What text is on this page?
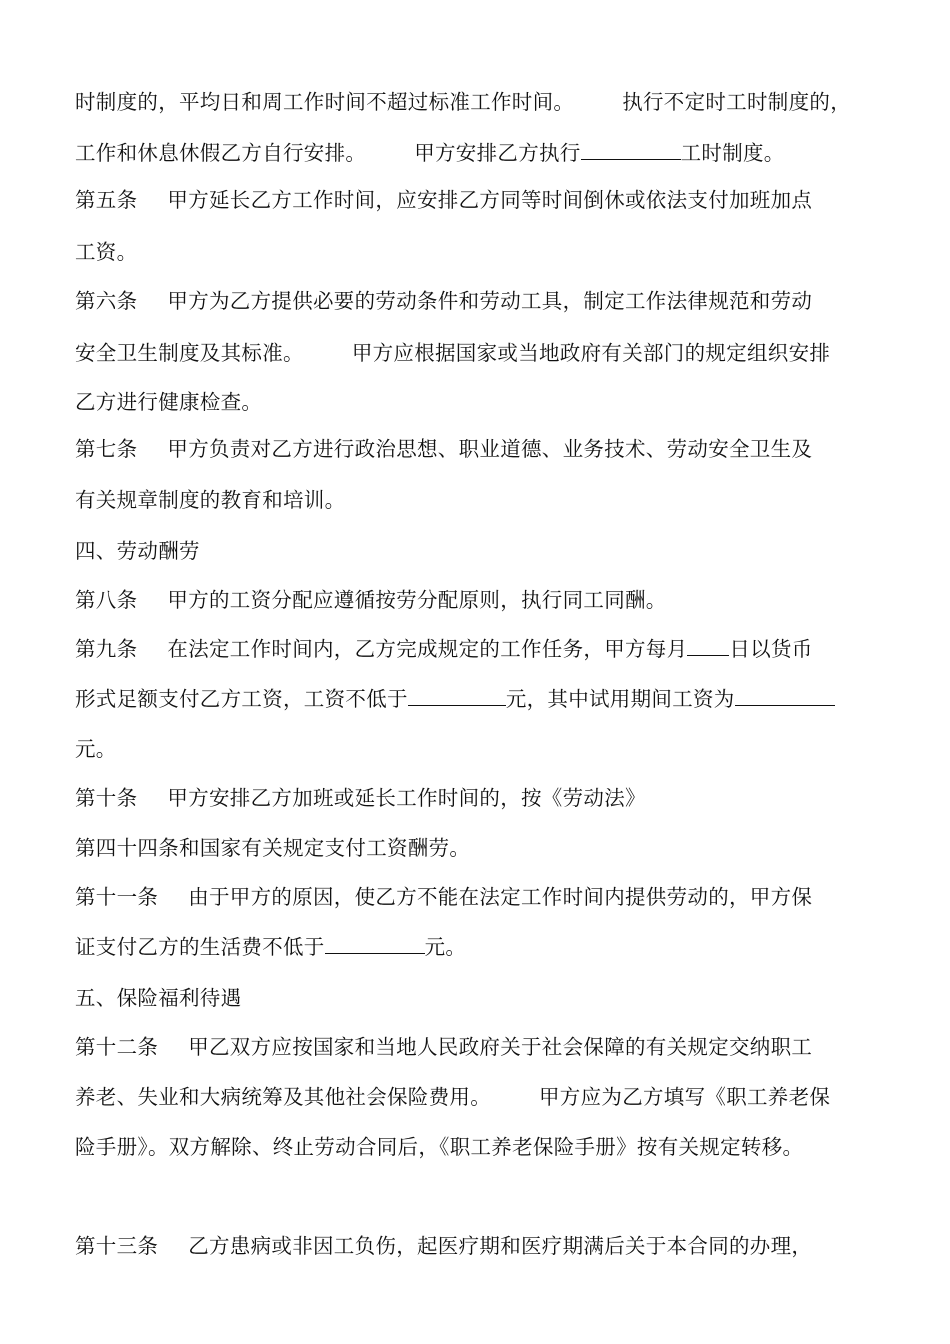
时制度的，平均日和周工作时间不超过标准工作时间。 执行不定时工时制度的，
工作和休息休假乙方自行安排。 甲方安排乙方执行	工时制度。
第五条 甲方延长乙方工作时间，应安排乙方同等时间倒休或依法支付加班加点
工资。
第六条 甲方为乙方提供必要的劳动条件和劳动工具，制定工作法律规范和劳动
安全卫生制度及其标准。 甲方应根据国家或当地政府有关部门的规定组织安排
乙方进行健康检查。
第七条 甲方负责对乙方进行政治思想、职业道德、业务技术、劳动安全卫生及
有关规章制度的教育和培训。
四、劳动酬劳
第八条 甲方的工资分配应遵循按劳分配原则，执行同工同酬。
第九条 在法定工作时间内，乙方完成规定的工作任务，甲方每月 日以货币
形式足额支付乙方工资，工资不低于	元，其中试用期间工资为
元。
第十条 甲方安排乙方加班或延长工作时间的，按《劳动法》
第四十四条和国家有关规定支付工资酬劳。
第十一条 由于甲方的原因，使乙方不能在法定工作时间内提供劳动的，甲方保
证支付乙方的生活费不低于	元。
五、保险福利待遇
第十二条 甲乙双方应按国家和当地人民政府关于社会保障的有关规定交纳职工
养老、失业和大病统筹及其他社会保险费用。 甲方应为乙方填写《职工养老保
险手册》。双方解除、终止劳动合同后，《职工养老保险手册》按有关规定转移。
第十三条 乙方患病或非因工负伤，起医疗期和医疗期满后关于本合同的办理，
